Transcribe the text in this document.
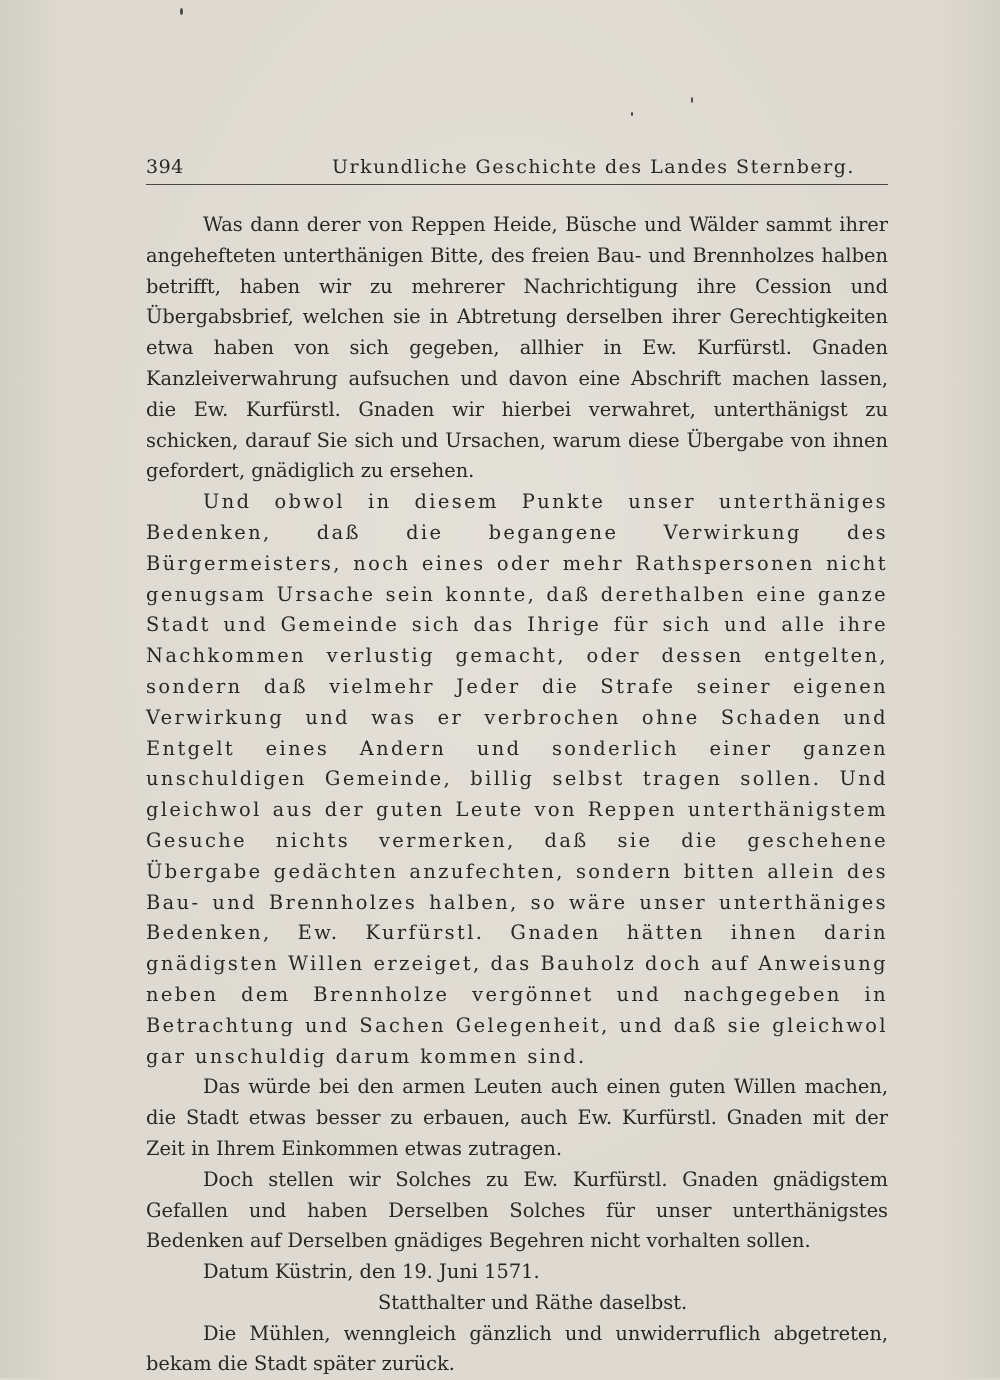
394	Urkundliche Geschichte des Landes Sternberg.

Was dann derer von Reppen Heide, Büsche und Wälder sammt ihrer angehefteten unterthänigen Bitte, des freien Bau- und Brennholzes halben betrifft, haben wir zu mehrerer Nachrichtigung ihre Cession und Übergabsbrief, welchen sie in Abtretung derselben ihrer Gerechtigkeiten etwa haben von sich gegeben, allhier in Ew. Kurfürstl. Gnaden Kanzleiverwahrung aufsuchen und davon eine Abschrift machen lassen, die Ew. Kurfürstl. Gnaden wir hierbei verwahret, unterthänigst zu schicken, darauf Sie sich und Ursachen, warum diese Übergabe von ihnen gefordert, gnädiglich zu ersehen.

Und obwol in diesem Punkte unser unterthäniges Bedenken, daß die begangene Verwirkung des Bürgermeisters, noch eines oder mehr Rathspersonen nicht genugsam Ursache sein konnte, daß derethalben eine ganze Stadt und Gemeinde sich das Ihrige für sich und alle ihre Nachkommen verlustig gemacht, oder dessen entgelten, sondern daß vielmehr Jeder die Strafe seiner eigenen Verwirkung und was er verbrochen ohne Schaden und Entgelt eines Andern und sonderlich einer ganzen unschuldigen Gemeinde, billig selbst tragen sollen. Und gleichwol aus der guten Leute von Reppen unterthänigstem Gesuche nichts vermerken, daß sie die geschehene Übergabe gedächten anzufechten, sondern bitten allein des Bau- und Brennholzes halben, so wäre unser unterthäniges Bedenken, Ew. Kurfürstl. Gnaden hätten ihnen darin gnädigsten Willen erzeiget, das Bauholz doch auf Anweisung neben dem Brennholze vergönnet und nachgegeben in Betrachtung und Sachen Gelegenheit, und daß sie gleichwol gar unschuldig darum kommen sind.

Das würde bei den armen Leuten auch einen guten Willen machen, die Stadt etwas besser zu erbauen, auch Ew. Kurfürstl. Gnaden mit der Zeit in Ihrem Einkommen etwas zutragen.

Doch stellen wir Solches zu Ew. Kurfürstl. Gnaden gnädigstem Gefallen und haben Derselben Solches für unser unterthänigstes Bedenken auf Derselben gnädiges Begehren nicht vorhalten sollen.

Datum Küstrin, den 19. Juni 1571.

Statthalter und Räthe daselbst.

Die Mühlen, wenngleich gänzlich und unwiderruflich abgetreten, bekam die Stadt später zurück.
